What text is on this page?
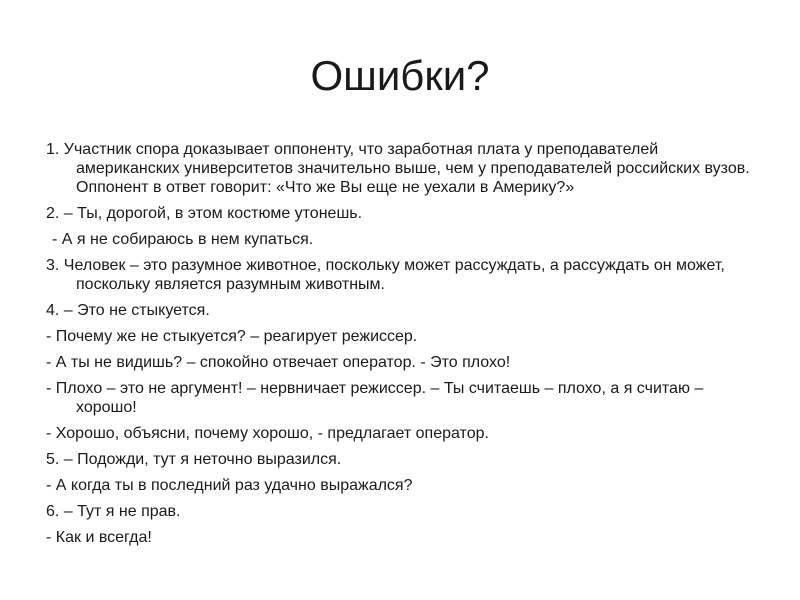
Ошибки?

1. Участник спора доказывает оппоненту, что заработная плата у преподавателей американских университетов значительно выше, чем у преподавателей российских вузов. Оппонент в ответ говорит: «Что же Вы еще не уехали в Америку?»

2. – Ты, дорогой, в этом костюме утонешь.

- А я не собираюсь в нем купаться.

3. Человек – это разумное животное, поскольку может рассуждать, а рассуждать он может, поскольку является разумным животным.

4. – Это не стыкуется.

- Почему же не стыкуется? – реагирует режиссер.

- А ты не видишь? – спокойно отвечает оператор. - Это плохо!

- Плохо – это не аргумент! – нервничает режиссер. – Ты считаешь – плохо, а я считаю – хорошо!

- Хорошо, объясни, почему хорошо, - предлагает оператор.

5. – Подожди, тут я неточно выразился.

- А когда ты в последний раз удачно выражался?

6. – Тут я не прав.

- Как и всегда!
